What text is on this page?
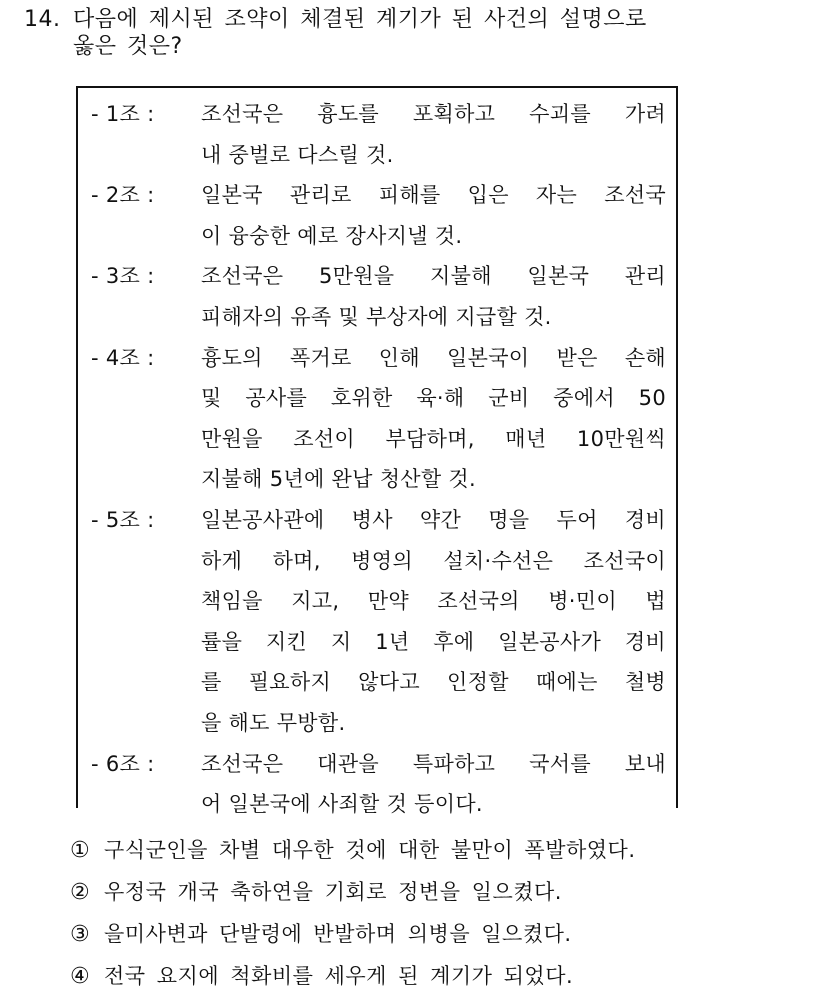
14. 다음에 제시된 조약이 체결된 계기가 된 사건의 설명으로
옳은 것은?
- 1조 :	조선국은 흉도를 포획하고 수괴를 가려
내 중벌로 다스릴 것.
- 2조 :	일본국 관리로 피해를 입은 자는 조선국
이 융숭한 예로 장사지낼 것.
- 3조 :	조선국은 5만원을 지불해 일본국 관리
피해자의 유족 및 부상자에 지급할 것.
- 4조 :	흉도의 폭거로 인해 일본국이 받은 손해
및 공사를 호위한 육·해 군비 중에서 50
만원을 조선이 부담하며, 매년 10만원씩
지불해 5년에 완납 청산할 것.
- 5조 :	일본공사관에 병사 약간 명을 두어 경비
하게 하며, 병영의 설치·수선은 조선국이
책임을 지고, 만약 조선국의 병·민이 법
률을 지킨 지 1년 후에 일본공사가 경비
를 필요하지 않다고 인정할 때에는 철병
을 해도 무방함.
- 6조 :	조선국은 대관을 특파하고 국서를 보내
어 일본국에 사죄할 것 등이다.
① 구식군인을 차별 대우한 것에 대한 불만이 폭발하였다.
② 우정국 개국 축하연을 기회로 정변을 일으켰다.
③ 을미사변과 단발령에 반발하며 의병을 일으켰다.
④ 전국 요지에 척화비를 세우게 된 계기가 되었다.
